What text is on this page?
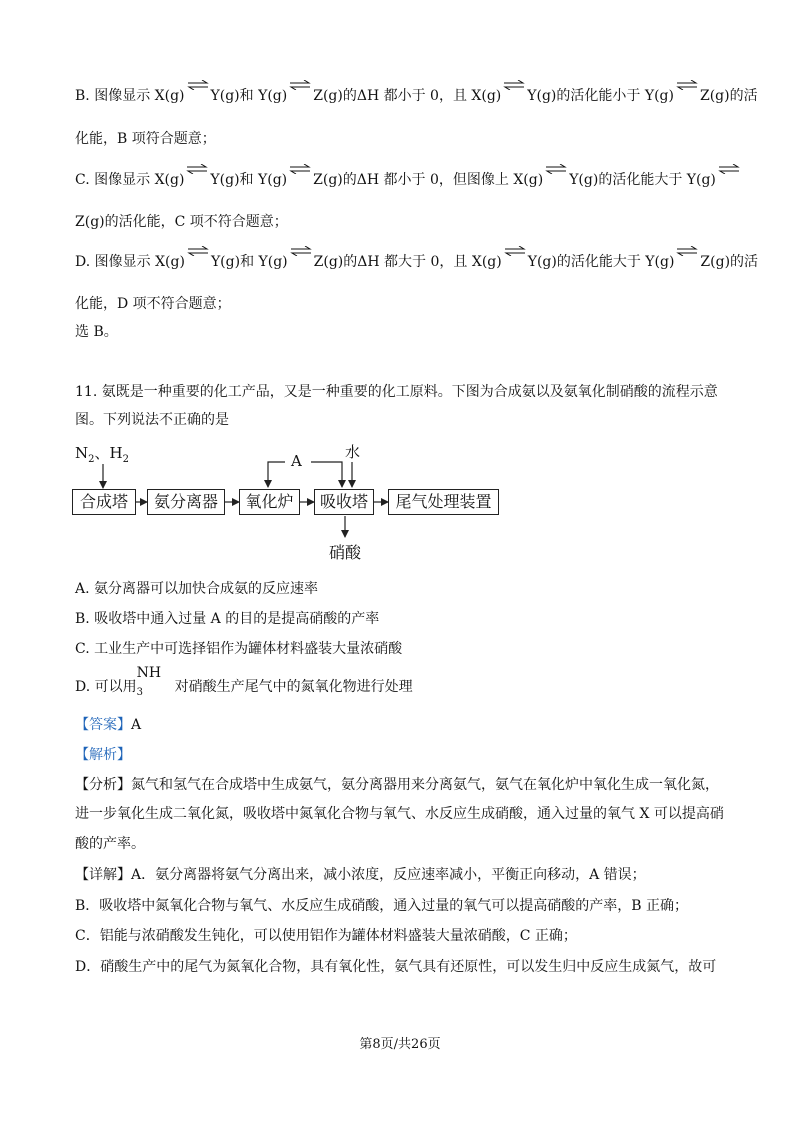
B. 图像显示 X(g)⇌Y(g)和 Y(g)⇌Z(g)的ΔH 都小于 0，且 X(g)⇌Y(g)的活化能小于 Y(g)⇌Z(g)的活
化能，B 项符合题意；
C. 图像显示 X(g)⇌Y(g)和 Y(g)⇌Z(g)的ΔH 都小于 0，但图像上 X(g)⇌Y(g)的活化能大于 Y(g)⇌
Z(g)的活化能，C 项不符合题意；
D. 图像显示 X(g)⇌Y(g)和 Y(g)⇌Z(g)的ΔH 都大于 0，且 X(g)⇌Y(g)的活化能大于 Y(g)⇌Z(g)的活
化能，D 项不符合题意；
选 B。
11. 氨既是一种重要的化工产品，又是一种重要的化工原料。下图为合成氨以及氨氧化制硝酸的流程示意
图。下列说法不正确的是
$N_2$、$H_2$	A	水
硝酸
合成塔	氨分离器	氧化炉	吸收塔	尾气处理装置
A. 氨分离器可以加快合成氨的反应速率
B. 吸收塔中通入过量 A 的目的是提高硝酸的产率
C. 工业生产中可选择铝作为罐体材料盛装大量浓硝酸
D. 可以用
NH
$_3$ 对硝酸生产尾气中的氮氧化物进行处理
【答案】A
【解析】
【分析】氮气和氢气在合成塔中生成氨气，氨分离器用来分离氨气，氨气在氧化炉中氧化生成一氧化氮，
进一步氧化生成二氧化氮，吸收塔中氮氧化合物与氧气、水反应生成硝酸，通入过量的氧气 X 可以提高硝
酸的产率。
【详解】A．氨分离器将氨气分离出来，减小浓度，反应速率减小，平衡正向移动，A 错误；
B．吸收塔中氮氧化合物与氧气、水反应生成硝酸，通入过量的氧气可以提高硝酸的产率，B 正确；
C．铝能与浓硝酸发生钝化，可以使用铝作为罐体材料盛装大量浓硝酸，C 正确；
D．硝酸生产中的尾气为氮氧化合物，具有氧化性，氨气具有还原性，可以发生归中反应生成氮气，故可
第8页/共26页
